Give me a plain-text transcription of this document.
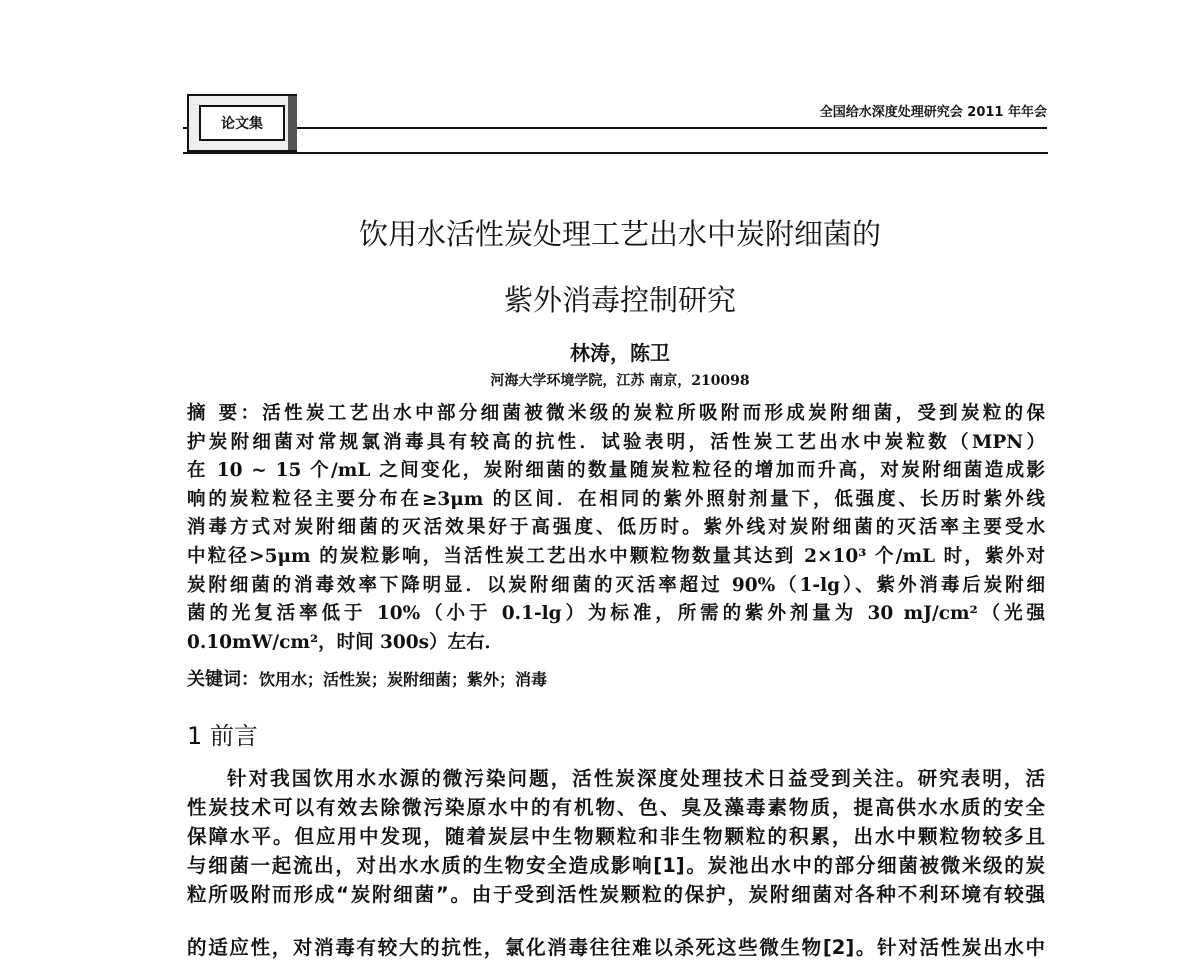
论文集
全国给水深度处理研究会 2011 年年会
饮用水活性炭处理工艺出水中炭附细菌的
紫外消毒控制研究
林涛，陈卫
河海大学环境学院，江苏 南京，210098
摘 要：活性炭工艺出水中部分细菌被微米级的炭粒所吸附而形成炭附细菌，受到炭粒的保
护炭附细菌对常规氯消毒具有较高的抗性．试验表明，活性炭工艺出水中炭粒数（MPN）
在 10 ~ 15 个/mL 之间变化，炭附细菌的数量随炭粒粒径的增加而升高，对炭附细菌造成影
响的炭粒粒径主要分布在≥3μm 的区间．在相同的紫外照射剂量下，低强度、长历时紫外线
消毒方式对炭附细菌的灭活效果好于高强度、低历时。紫外线对炭附细菌的灭活率主要受水
中粒径>5μm 的炭粒影响，当活性炭工艺出水中颗粒物数量其达到 2×10³ 个/mL 时，紫外对
炭附细菌的消毒效率下降明显．以炭附细菌的灭活率超过 90%（1-lg）、紫外消毒后炭附细
菌的光复活率低于 10%（小于 0.1-lg）为标准，所需的紫外剂量为 30 mJ/cm²（光强
0.10mW/cm²，时间 300s）左右．
关键词：饮用水；活性炭；炭附细菌；紫外；消毒
1 前言
针对我国饮用水水源的微污染问题，活性炭深度处理技术日益受到关注。研究表明，活
性炭技术可以有效去除微污染原水中的有机物、色、臭及藻毒素物质，提高供水水质的安全
保障水平。但应用中发现，随着炭层中生物颗粒和非生物颗粒的积累，出水中颗粒物较多且
与细菌一起流出，对出水水质的生物安全造成影响[1]。炭池出水中的部分细菌被微米级的炭
粒所吸附而形成“炭附细菌”。由于受到活性炭颗粒的保护，炭附细菌对各种不利环境有较强
的适应性，对消毒有较大的抗性，氯化消毒往往难以杀死这些微生物[2]。针对活性炭出水中
